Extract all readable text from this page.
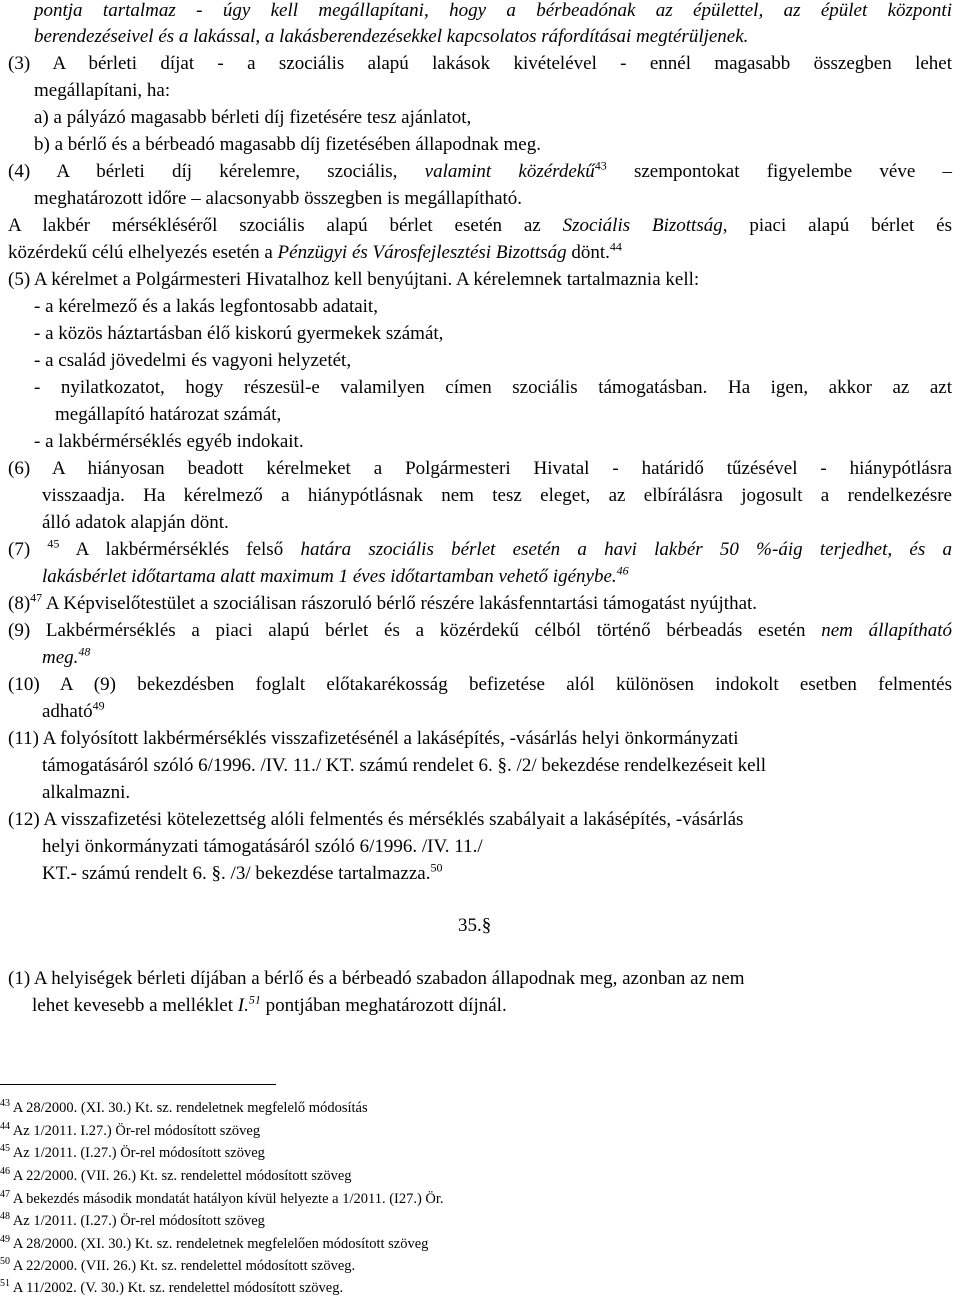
pontja tartalmaz - úgy kell megállapítani, hogy a bérbeadónak az épülettel, az épület központi
berendezéseivel és a lakással, a lakásberendezésekkel kapcsolatos ráfordításai megtérüljenek.
(3) A bérleti díjat - a szociális alapú lakások kivételével - ennél magasabb összegben lehet
megállapítani, ha:
a) a pályázó magasabb bérleti díj fizetésére tesz ajánlatot,
b) a bérlő és a bérbeadó magasabb díj fizetésében állapodnak meg.
(4) A bérleti díj kérelemre, szociális, valamint közérdekű$^{43}$ szempontokat figyelembe véve –
meghatározott időre – alacsonyabb összegben is megállapítható.
A lakbér mérsékléséről szociális alapú bérlet esetén az Szociális Bizottság, piaci alapú bérlet és
közérdekű célú elhelyezés esetén a Pénzügyi és Városfejlesztési Bizottság dönt.$^{44}$
(5) A kérelmet a Polgármesteri Hivatalhoz kell benyújtani. A kérelemnek tartalmaznia kell:
- a kérelmező és a lakás legfontosabb adatait,
- a közös háztartásban élő kiskorú gyermekek számát,
- a család jövedelmi és vagyoni helyzetét,
- nyilatkozatot, hogy részesül-e valamilyen címen szociális támogatásban. Ha igen, akkor az azt
megállapító határozat számát,
- a lakbérmérséklés egyéb indokait.
(6) A hiányosan beadott kérelmeket a Polgármesteri Hivatal - határidő tűzésével - hiánypótlásra
visszaadja. Ha kérelmező a hiánypótlásnak nem tesz eleget, az elbírálásra jogosult a rendelkezésre
álló adatok alapján dönt.
(7) $^{45}$ A lakbérmérséklés felső határa szociális bérlet esetén a havi lakbér 50 %-áig terjedhet, és a
lakásbérlet időtartama alatt maximum 1 éves időtartamban vehető igénybe.$^{46}$
$(8)^{47}$ A Képviselőtestület a szociálisan rászoruló bérlő részére lakásfenntartási támogatást nyújthat.
(9) Lakbérmérséklés a piaci alapú bérlet és a közérdekű célból történő bérbeadás esetén nem állapítható
meg.$^{48}$
(10) A (9) bekezdésben foglalt előtakarékosság befizetése alól különösen indokolt esetben felmentés
adható$^{49}$
(11) A folyósított lakbérmérséklés visszafizetésénél a lakásépítés, -vásárlás helyi önkormányzati
támogatásáról szóló 6/1996. /IV. 11./ KT. számú rendelet 6. §. /2/ bekezdése rendelkezéseit kell
alkalmazni.
(12) A visszafizetési kötelezettség alóli felmentés és mérséklés szabályait a lakásépítés, -vásárlás
helyi önkormányzati támogatásáról szóló 6/1996. /IV. 11./
KT.- számú rendelt 6. §. /3/ bekezdése tartalmazza.$^{50}$
35.§
(1) A helyiségek bérleti díjában a bérlő és a bérbeadó szabadon állapodnak meg, azonban az nem
lehet kevesebb a melléklet I.$^{51}$ pontjában meghatározott díjnál.
$^{43}$ A 28/2000. (XI. 30.) Kt. sz. rendeletnek megfelelő módosítás
$^{44}$ Az 1/2011. I.27.) Ör-rel módosított szöveg
$^{45}$ Az 1/2011. (I.27.) Ör-rel módosított szöveg
$^{46}$ A 22/2000. (VII. 26.) Kt. sz. rendelettel módosított szöveg
$^{47}$ A bekezdés második mondatát hatályon kívül helyezte a 1/2011. (I27.) Ör.
$^{48}$ Az 1/2011. (I.27.) Ör-rel módosított szöveg
$^{49}$ A 28/2000. (XI. 30.) Kt. sz. rendeletnek megfelelően módosított szöveg
$^{50}$ A 22/2000. (VII. 26.) Kt. sz. rendelettel módosított szöveg.
$^{51}$ A 11/2002. (V. 30.) Kt. sz. rendelettel módosított szöveg.
